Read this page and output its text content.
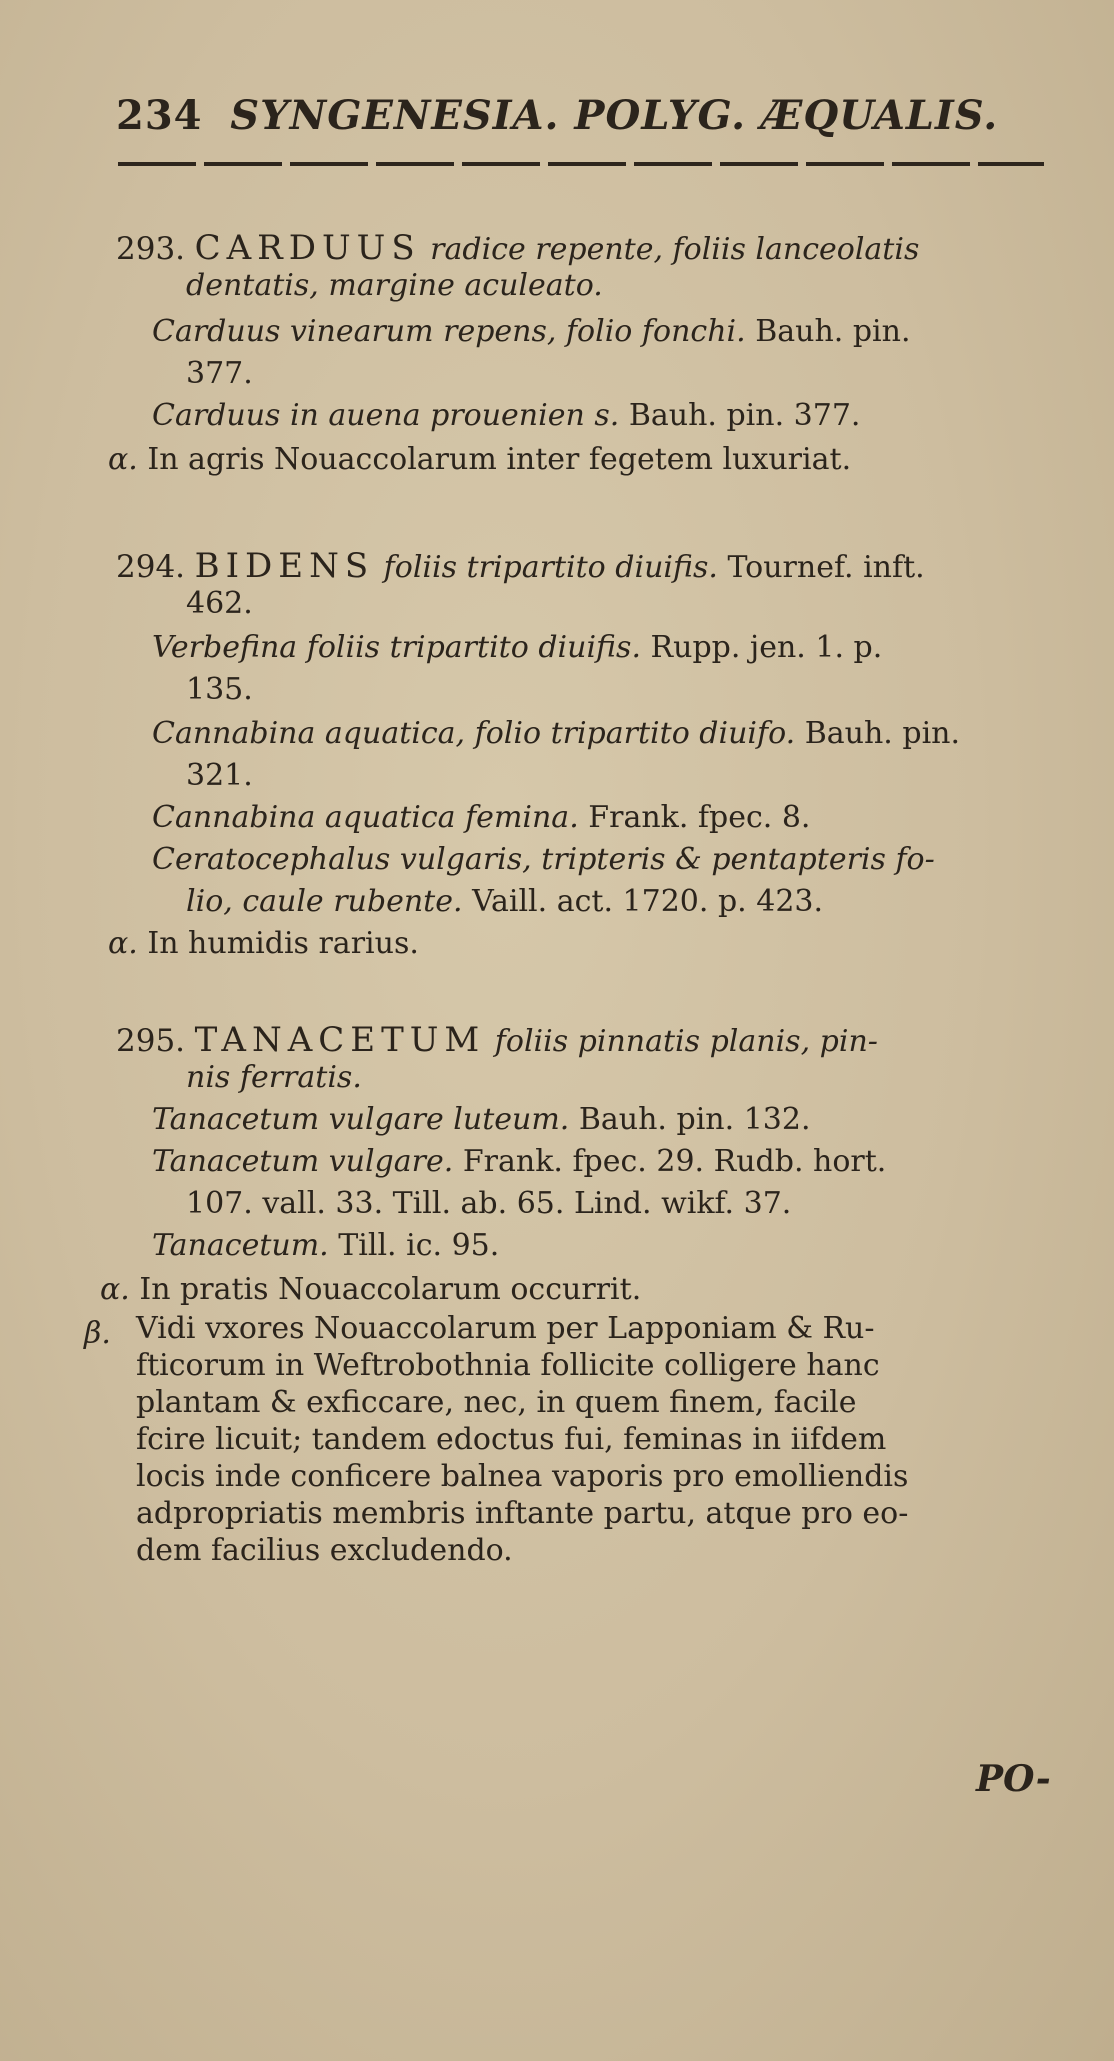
234 SYNGENESIA. POLYG. ÆQUALIS.
293. CARDUUS radice repente, foliis lanceolatis
dentatis, margine aculeato.
Carduus vinearum repens, folio fonchi. Bauh. pin.
377.
Carduus in auena prouenien s. Bauh. pin. 377.
α. In agris Nouaccolarum inter fegetem luxuriat.
294. BIDENS foliis tripartito diuifis. Tournef. inft.
462.
Verbefina foliis tripartito diuifis. Rupp. jen. 1. p.
135.
Cannabina aquatica, folio tripartito diuifo. Bauh. pin.
321.
Cannabina aquatica femina. Frank. fpec. 8.
Ceratocephalus vulgaris, tripteris & pentapteris fo-
lio, caule rubente. Vaill. act. 1720. p. 423.
α. In humidis rarius.
295. TANACETUM foliis pinnatis planis, pin-
nis ferratis.
Tanacetum vulgare luteum. Bauh. pin. 132.
Tanacetum vulgare. Frank. fpec. 29. Rudb. hort.
107. vall. 33. Till. ab. 65. Lind. wikf. 37.
Tanacetum. Till. ic. 95.
α. In pratis Nouaccolarum occurrit.
β. Vidi vxores Nouaccolarum per Lapponiam & Ru-
fticorum in Weftrobothnia follicite colligere hanc
plantam & exficcare, nec, in quem finem, facile
fcire licuit; tandem edoctus fui, feminas in iifdem
locis inde conficere balnea vaporis pro emolliendis
adpropriatis membris inftante partu, atque pro eo-
dem facilius excludendo.
PO-
